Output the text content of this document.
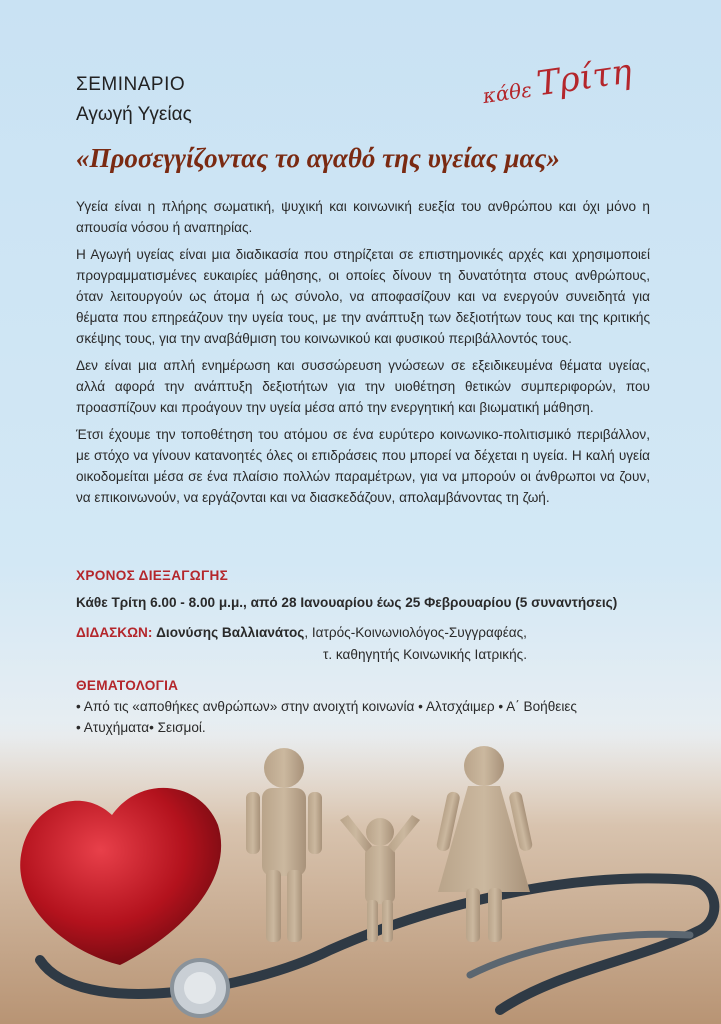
ΣΕΜΙΝΑΡΙΟ
Αγωγή Υγείας
κάθεΤρίτη
«Προσεγγίζοντας το αγαθό της υγείας μας»

Υγεία είναι η πλήρης σωματική, ψυχική και κοινωνική ευεξία του ανθρώπου και όχι μόνο η απουσία νόσου ή αναπηρίας.

Η Αγωγή υγείας είναι μια διαδικασία που στηρίζεται σε επιστημονικές αρχές και χρησιμοποιεί προγραμματισμένες ευκαιρίες μάθησης, οι οποίες δίνουν τη δυνατότητα στους ανθρώπους, όταν λειτουργούν ως άτομα ή ως σύνολο, να αποφασίζουν και να ενεργούν συνειδητά για θέματα που επηρεάζουν την υγεία τους, με την ανάπτυξη των δεξιοτήτων τους και της κριτικής σκέψης τους, για την αναβάθμιση του κοινωνικού και φυσικού περιβάλλοντός τους.

Δεν είναι μια απλή ενημέρωση και συσσώρευση γνώσεων σε εξειδικευμένα θέματα υγείας, αλλά αφορά την ανάπτυξη δεξιοτήτων για την υιοθέτηση θετικών συμπεριφορών, που προασπίζουν και προάγουν την υγεία μέσα από την ενεργητική και βιωματική μάθηση.

Έτσι έχουμε την τοποθέτηση του ατόμου σε ένα ευρύτερο κοινωνικο-πολιτισμικό περιβάλλον, με στόχο να γίνουν κατανοητές όλες οι επιδράσεις που μπορεί να δέχεται η υγεία. Η καλή υγεία οικοδομείται μέσα σε ένα πλαίσιο πολλών παραμέτρων, για να μπορούν οι άνθρωποι να ζουν, να επικοινωνούν, να εργάζονται και να διασκεδάζουν, απολαμβάνοντας τη ζωή.

ΧΡΟΝΟΣ ΔΙΕΞΑΓΩΓΗΣ
Κάθε Τρίτη 6.00 - 8.00 μ.μ., από 28 Ιανουαρίου έως 25 Φεβρουαρίου (5 συναντήσεις)
ΔΙΔΑΣΚΩΝ: Διονύσης Βαλλιανάτος, Ιατρός-Κοινωνιολόγος-Συγγραφέας,
τ. καθηγητής Κοινωνικής Ιατρικής.
ΘΕΜΑΤΟΛΟΓΙΑ
• Από τις «αποθήκες ανθρώπων» στην ανοιχτή κοινωνία • Αλτσχάιμερ • Α΄ Βοήθειες
• Ατυχήματα• Σεισμοί.
